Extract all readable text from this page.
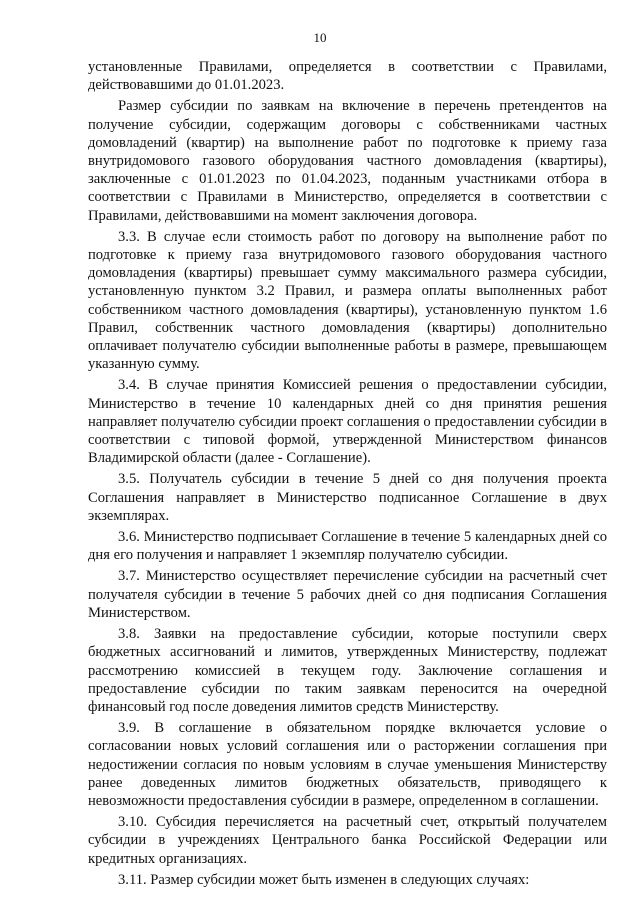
10

установленные Правилами, определяется в соответствии с Правилами, действовавшими до 01.01.2023.

Размер субсидии по заявкам на включение в перечень претендентов на получение субсидии, содержащим договоры с собственниками частных домовладений (квартир) на выполнение работ по подготовке к приему газа внутридомового газового оборудования частного домовладения (квартиры), заключенные с 01.01.2023 по 01.04.2023, поданным участниками отбора в соответствии с Правилами в Министерство, определяется в соответствии с Правилами, действовавшими на момент заключения договора.

3.3. В случае если стоимость работ по договору на выполнение работ по подготовке к приему газа внутридомового газового оборудования частного домовладения (квартиры) превышает сумму максимального размера субсидии, установленную пунктом 3.2 Правил, и размера оплаты выполненных работ собственником частного домовладения (квартиры), установленную пунктом 1.6 Правил, собственник частного домовладения (квартиры) дополнительно оплачивает получателю субсидии выполненные работы в размере, превышающем указанную сумму.

3.4. В случае принятия Комиссией решения о предоставлении субсидии, Министерство в течение 10 календарных дней со дня принятия решения направляет получателю субсидии проект соглашения о предоставлении субсидии в соответствии с типовой формой, утвержденной Министерством финансов Владимирской области (далее - Соглашение).

3.5. Получатель субсидии в течение 5 дней со дня получения проекта Соглашения направляет в Министерство подписанное Соглашение в двух экземплярах.

3.6. Министерство подписывает Соглашение в течение 5 календарных дней со дня его получения и направляет 1 экземпляр получателю субсидии.

3.7. Министерство осуществляет перечисление субсидии на расчетный счет получателя субсидии в течение 5 рабочих дней со дня подписания Соглашения Министерством.

3.8. Заявки на предоставление субсидии, которые поступили сверх бюджетных ассигнований и лимитов, утвержденных Министерству, подлежат рассмотрению комиссией в текущем году. Заключение соглашения и предоставление субсидии по таким заявкам переносится на очередной финансовый год после доведения лимитов средств Министерству.

3.9. В соглашение в обязательном порядке включается условие о согласовании новых условий соглашения или о расторжении соглашения при недостижении согласия по новым условиям в случае уменьшения Министерству ранее доведенных лимитов бюджетных обязательств, приводящего к невозможности предоставления субсидии в размере, определенном в соглашении.

3.10. Субсидия перечисляется на расчетный счет, открытый получателем субсидии в учреждениях Центрального банка Российской Федерации или кредитных организациях.

3.11. Размер субсидии может быть изменен в следующих случаях:
